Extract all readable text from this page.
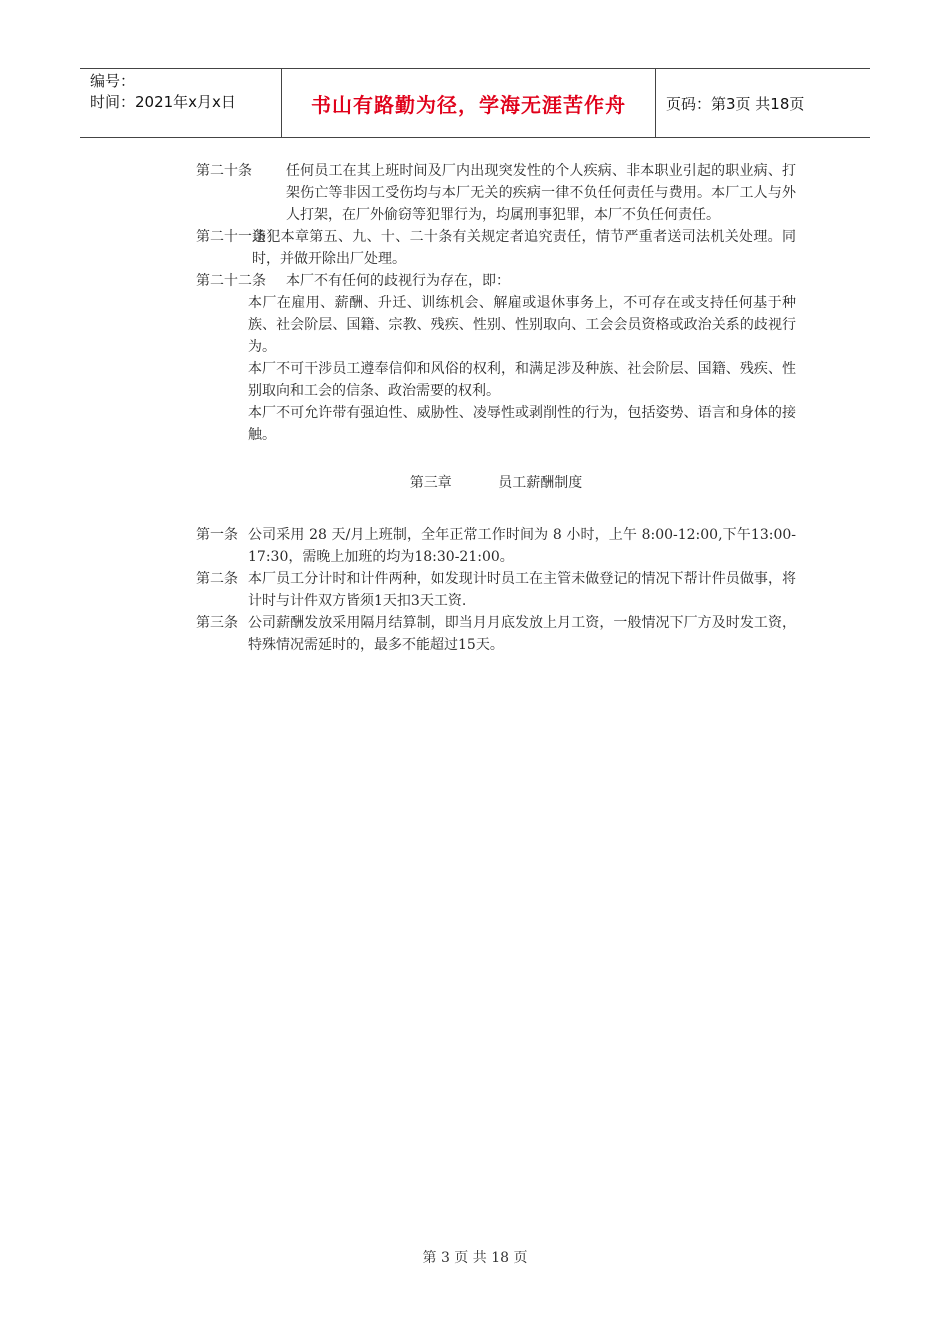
编号：
时间：2021年x月x日	书山有路勤为径，学海无涯苦作舟	页码：第3页 共18页
第二十条	任何员工在其上班时间及厂内出现突发性的个人疾病、非本职业引起的职业病、打架伤亡等非因工受伤均与本厂无关的疾病一律不负任何责任与费用。本厂工人与外人打架，在厂外偷窃等犯罪行为，均属刑事犯罪，本厂不负任何责任。
第二十一条
违犯本章第五、九、十、二十条有关规定者追究责任，情节严重者送司法机关处理。同时，并做开除出厂处理。
第二十二条	本厂不有任何的歧视行为存在，即：
本厂在雇用、薪酬、升迁、训练机会、解雇或退休事务上，不可存在或支持任何基于种族、社会阶层、国籍、宗教、残疾、性别、性别取向、工会会员资格或政治关系的歧视行为。
本厂不可干涉员工遵奉信仰和风俗的权利，和满足涉及种族、社会阶层、国籍、残疾、性别取向和工会的信条、政治需要的权利。
本厂不可允许带有强迫性、威胁性、凌辱性或剥削性的行为，包括姿势、语言和身体的接触。
第三章	员工薪酬制度
第一条 公司采用 28 天/月上班制，全年正常工作时间为 8 小时，上午 8:00-12:00,下午13:00-17:30，需晚上加班的均为18:30-21:00。
第二条 本厂员工分计时和计件两种，如发现计时员工在主管未做登记的情况下帮计件员做事，将计时与计件双方皆须1天扣3天工资.
第三条 公司薪酬发放采用隔月结算制，即当月月底发放上月工资，一般情况下厂方及时发工资，特殊情况需延时的，最多不能超过15天。
第 3 页 共 18 页
